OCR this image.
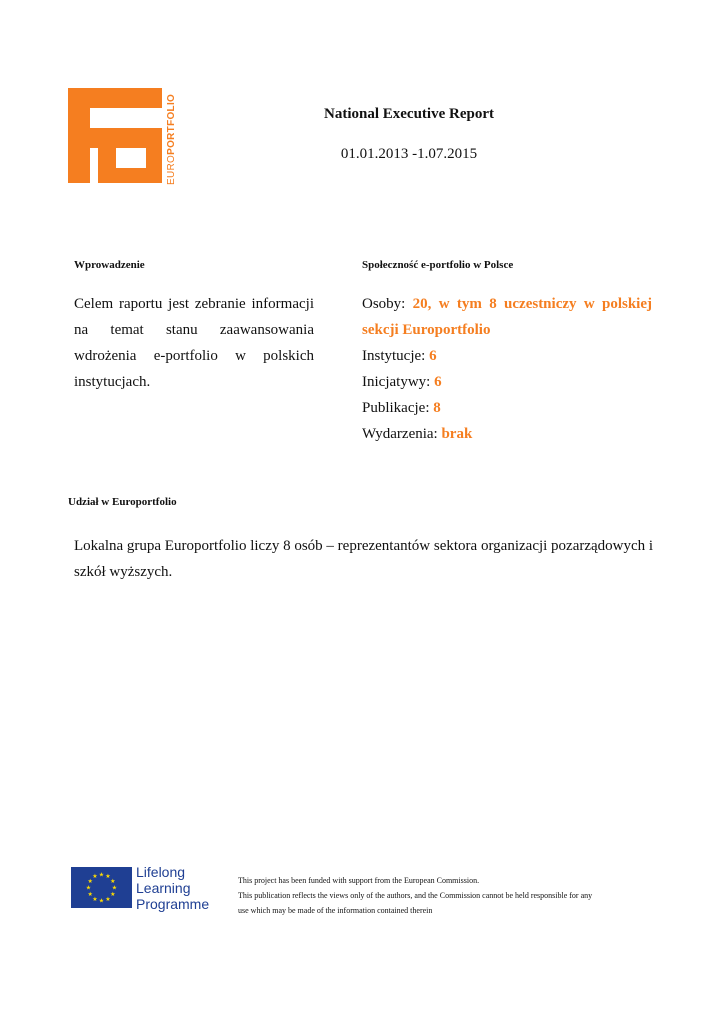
EUROPORTFOLIO	National Executive Report
01.01.2013 -1.07.2015
Wprowadzenie
Celem raportu jest zebranie informacji na temat stanu zaawansowania wdrożenia e-portfolio w polskich instytucjach.
Społeczność e-portfolio w Polsce
Osoby: 20, w tym 8 uczestniczy w polskiej sekcji Europortfolio
Instytucje: 6
Inicjatywy: 6
Publikacje: 8
Wydarzenia: brak
Udział w Europortfolio
Lokalna grupa Europortfolio liczy 8 osób – reprezentantów sektora organizacji pozarządowych i szkół wyższych.
★
★
★
★
★
★
★
★
★ ★ ★
★
Lifelong
Learning
Programme
This project has been funded with support from the European Commission.
This publication reflects the views only of the authors, and the Commission cannot be held responsible for any
use which may be made of the information contained therein
